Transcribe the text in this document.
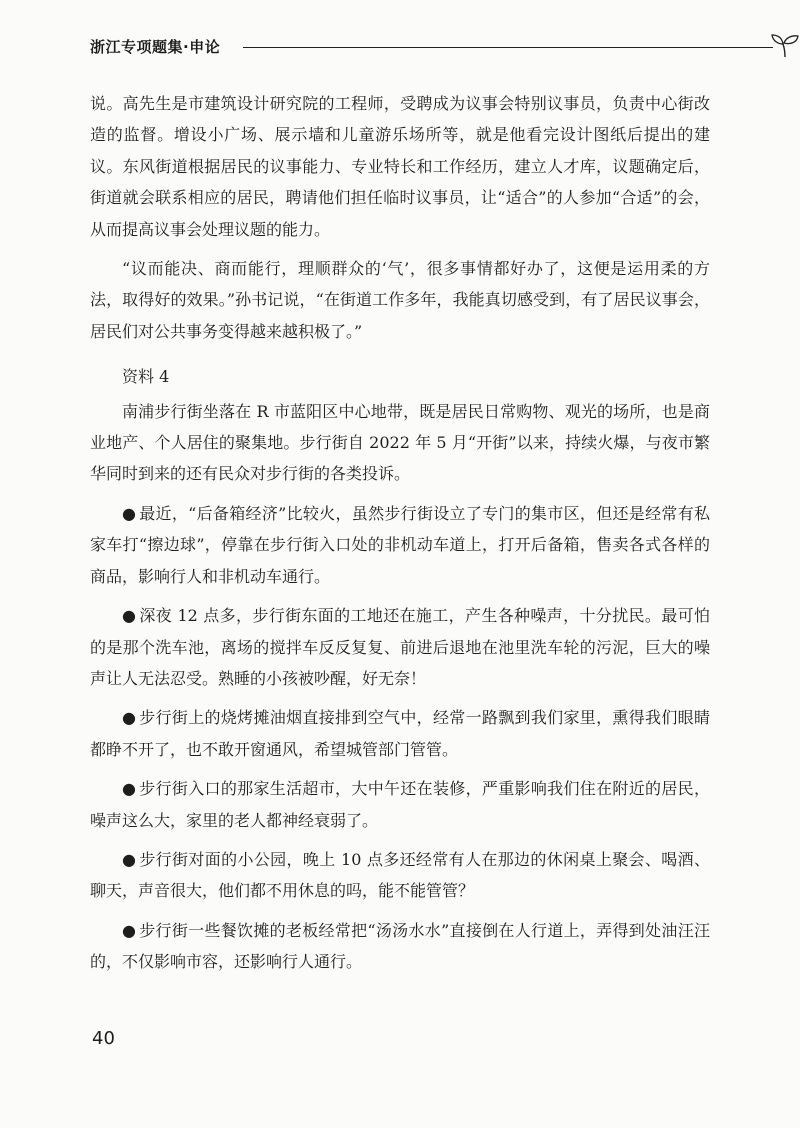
浙江专项题集·申论

说。高先生是市建筑设计研究院的工程师，受聘成为议事会特别议事员，负责中心街改造的监督。增设小广场、展示墙和儿童游乐场所等，就是他看完设计图纸后提出的建议。东风街道根据居民的议事能力、专业特长和工作经历，建立人才库，议题确定后，街道就会联系相应的居民，聘请他们担任临时议事员，让“适合”的人参加“合适”的会，从而提高议事会处理议题的能力。

“议而能决、商而能行，理顺群众的‘气’，很多事情都好办了，这便是运用柔的方法，取得好的效果。”孙书记说，“在街道工作多年，我能真切感受到，有了居民议事会，居民们对公共事务变得越来越积极了。”

资料 4

南浦步行街坐落在 R 市蓝阳区中心地带，既是居民日常购物、观光的场所，也是商业地产、个人居住的聚集地。步行街自 2022 年 5 月“开街”以来，持续火爆，与夜市繁华同时到来的还有民众对步行街的各类投诉。

● 最近，“后备箱经济”比较火，虽然步行街设立了专门的集市区，但还是经常有私家车打“擦边球”，停靠在步行街入口处的非机动车道上，打开后备箱，售卖各式各样的商品，影响行人和非机动车通行。

● 深夜 12 点多，步行街东面的工地还在施工，产生各种噪声，十分扰民。最可怕的是那个洗车池，离场的搅拌车反反复复、前进后退地在池里洗车轮的污泥，巨大的噪声让人无法忍受。熟睡的小孩被吵醒，好无奈！

● 步行街上的烧烤摊油烟直接排到空气中，经常一路飘到我们家里，熏得我们眼睛都睁不开了，也不敢开窗通风，希望城管部门管管。

● 步行街入口的那家生活超市，大中午还在装修，严重影响我们住在附近的居民，噪声这么大，家里的老人都神经衰弱了。

● 步行街对面的小公园，晚上 10 点多还经常有人在那边的休闲桌上聚会、喝酒、聊天，声音很大，他们都不用休息的吗，能不能管管？

● 步行街一些餐饮摊的老板经常把“汤汤水水”直接倒在人行道上，弄得到处油汪汪的，不仅影响市容，还影响行人通行。

40
